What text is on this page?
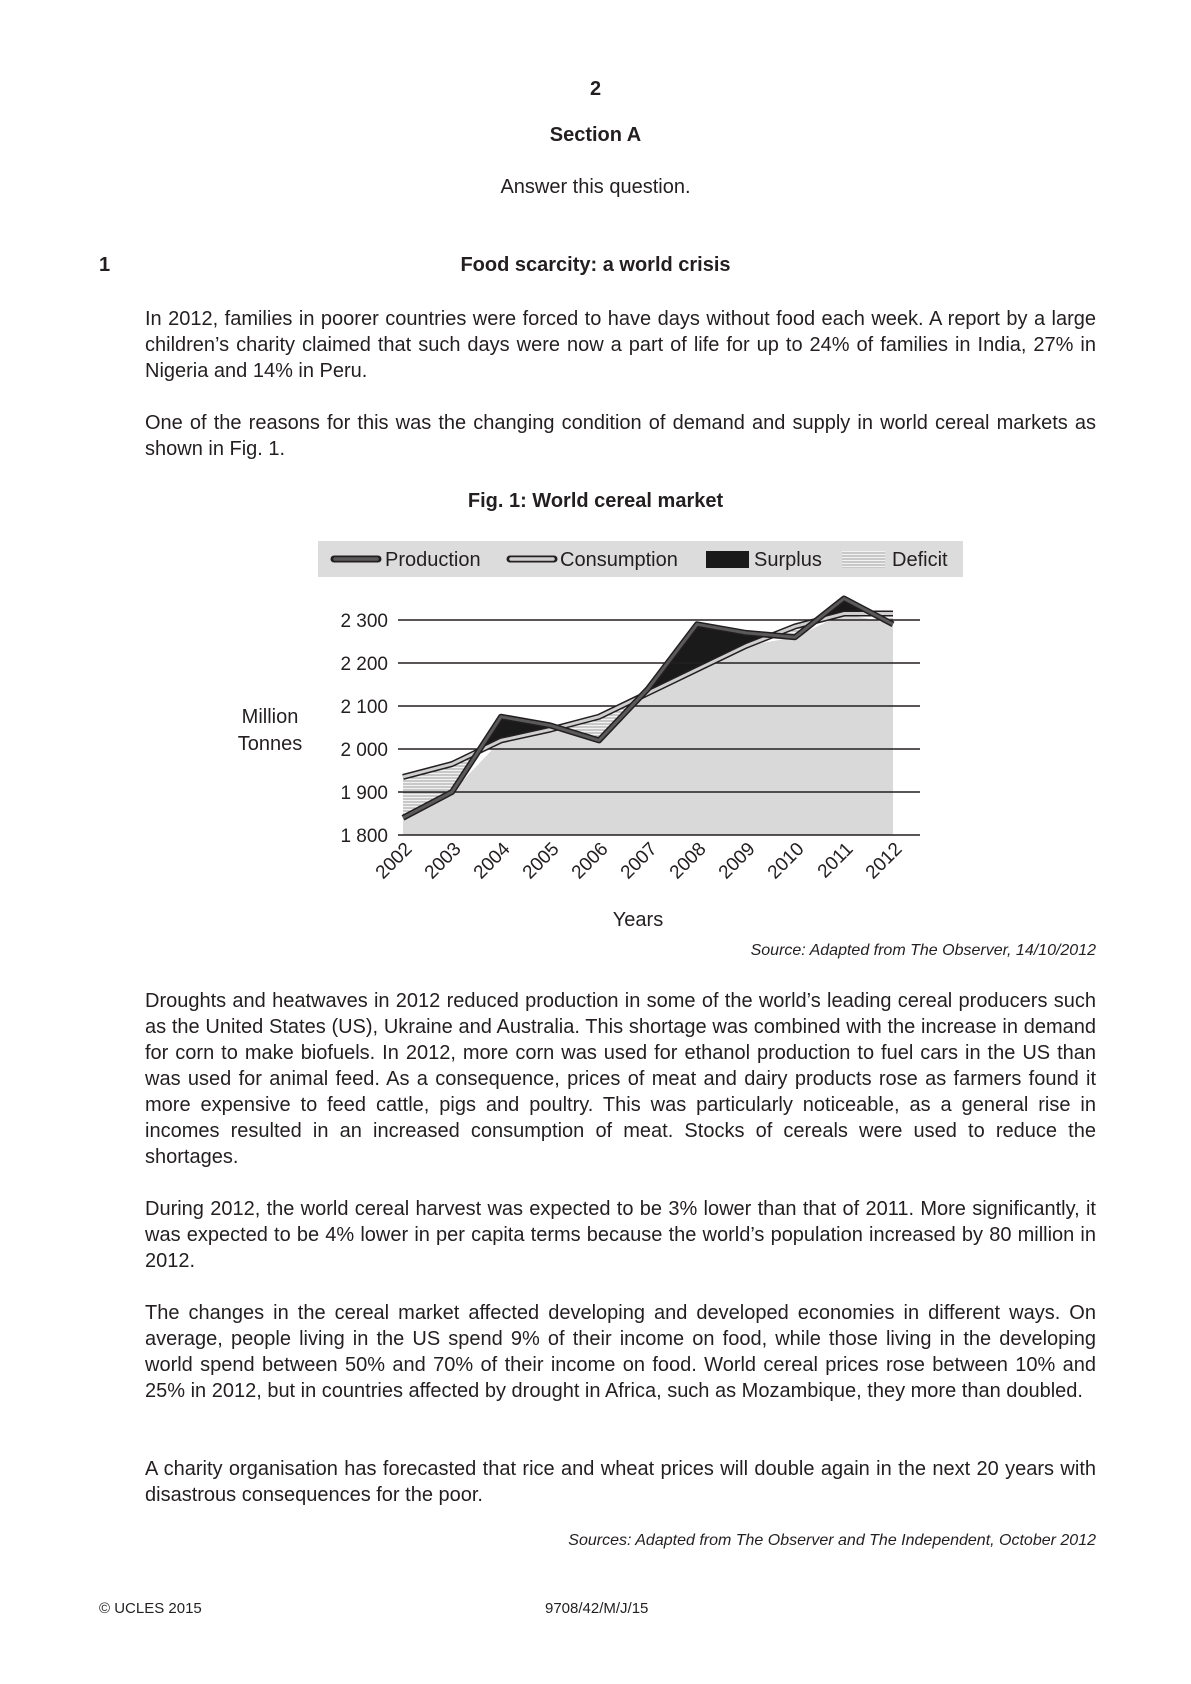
2
Section A
Answer this question.
1	Food scarcity: a world crisis
In 2012, families in poorer countries were forced to have days without food each week. A report by a large children’s charity claimed that such days were now a part of life for up to 24% of families in India, 27% in Nigeria and 14% in Peru.
One of the reasons for this was the changing condition of demand and supply in world cereal markets as shown in Fig. 1.
Fig. 1: World cereal market
1 800
1 900
2 000
2 100
2 200
2 300
2002 2003 2004 2005 2006 2007 2008 2009 2010 2011 2012
Years
Million
Tonnes
Production	Consumption	Surplus	Deficit
Source: Adapted from The Observer, 14/10/2012
Droughts and heatwaves in 2012 reduced production in some of the world’s leading cereal producers such as the United States (US), Ukraine and Australia. This shortage was combined with the increase in demand for corn to make biofuels. In 2012, more corn was used for ethanol production to fuel cars in the US than was used for animal feed. As a consequence, prices of meat and dairy products rose as farmers found it more expensive to feed cattle, pigs and poultry. This was particularly noticeable, as a general rise in incomes resulted in an increased consumption of meat. Stocks of cereals were used to reduce the shortages.
During 2012, the world cereal harvest was expected to be 3% lower than that of 2011. More significantly, it was expected to be 4% lower in per capita terms because the world’s population increased by 80 million in 2012.
The changes in the cereal market affected developing and developed economies in different ways. On average, people living in the US spend 9% of their income on food, while those living in the developing world spend between 50% and 70% of their income on food. World cereal prices rose between 10% and 25% in 2012, but in countries affected by drought in Africa, such as Mozambique, they more than doubled.
A charity organisation has forecasted that rice and wheat prices will double again in the next 20 years with disastrous consequences for the poor.
Sources: Adapted from The Observer and The Independent, October 2012
© UCLES 2015	9708/42/M/J/15
